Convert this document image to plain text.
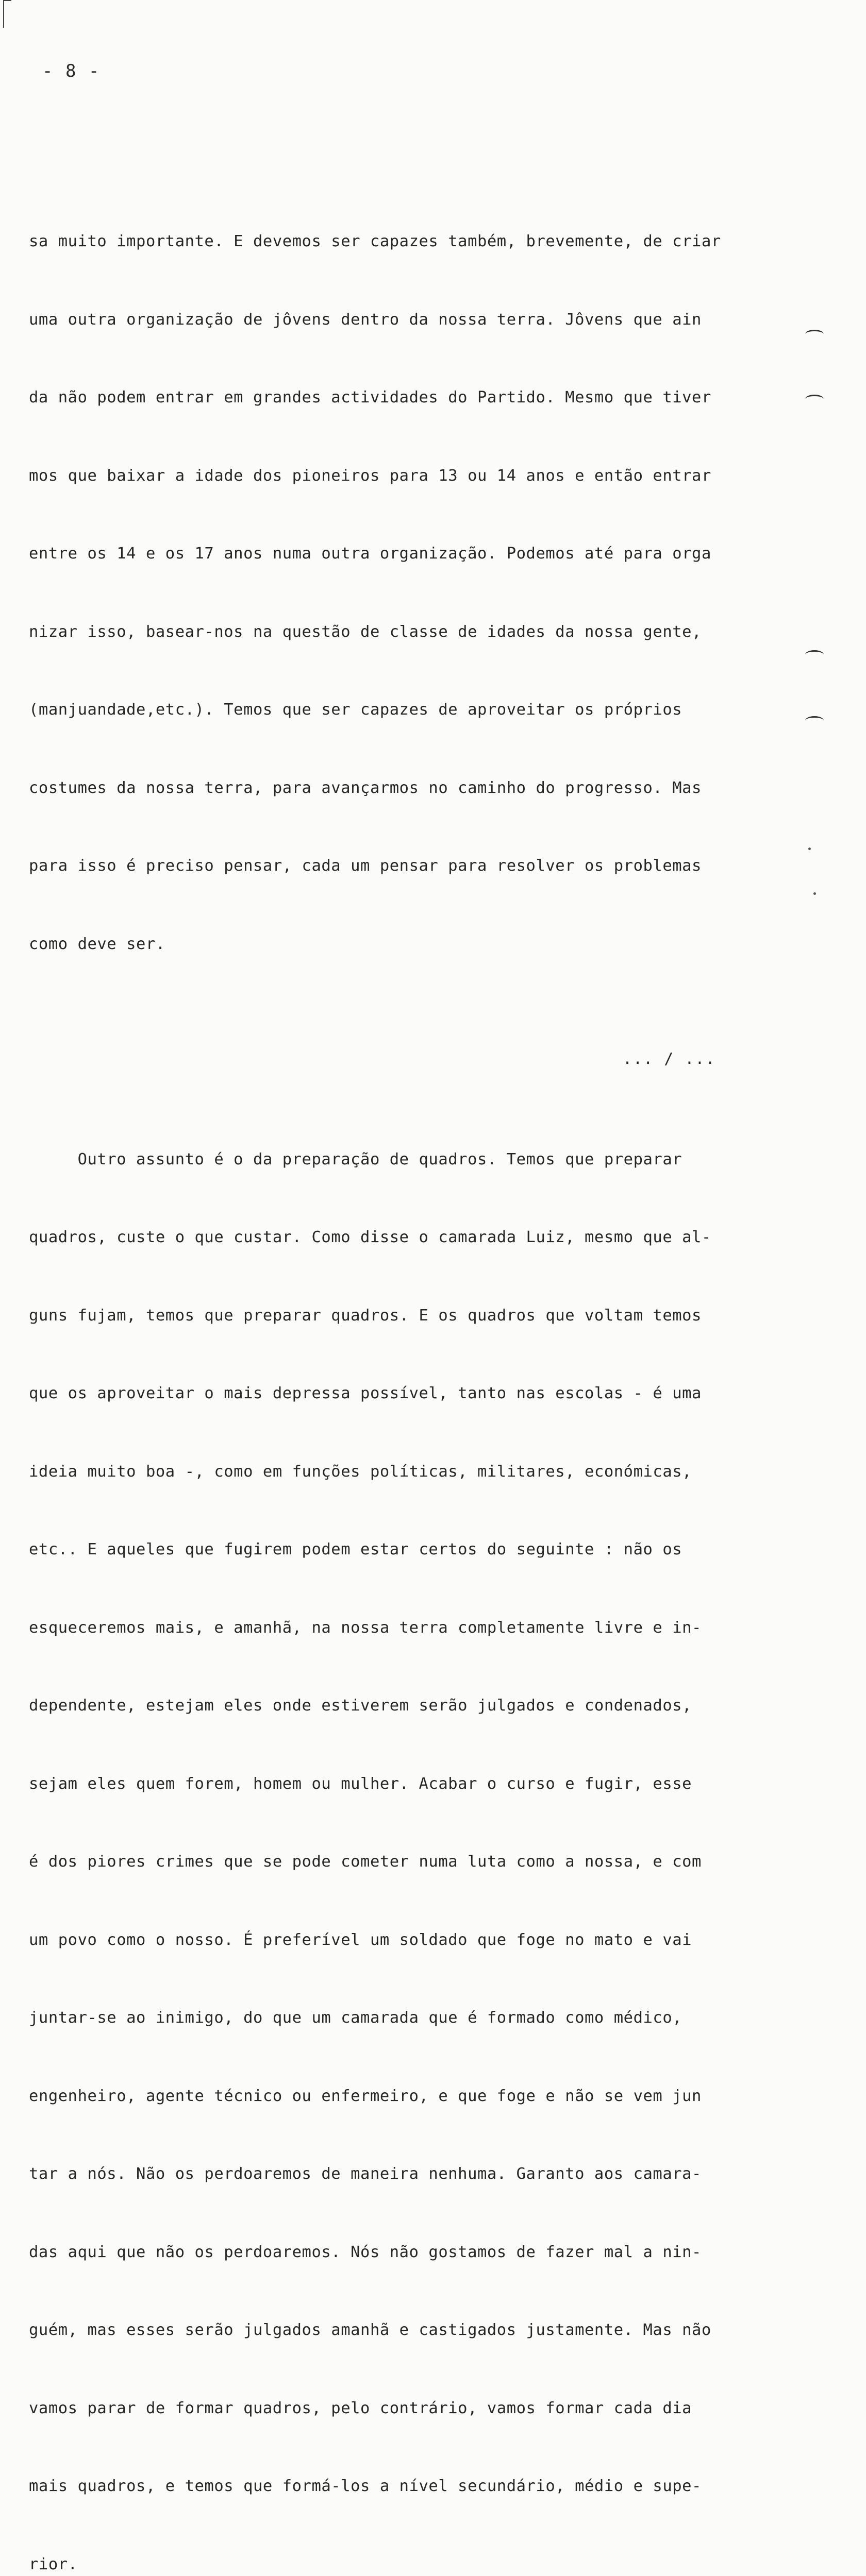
- 8 -

sa muito importante. E devemos ser capazes também, brevemente, de criar

uma outra organização de jôvens dentro da nossa terra. Jôvens que ain

da não podem entrar em grandes actividades do Partido. Mesmo que tiver

mos que baixar a idade dos pioneiros para 13 ou 14 anos e então entrar

entre os 14 e os 17 anos numa outra organização. Podemos até para orga

nizar isso, basear-nos na questão de classe de idades da nossa gente,

(manjuandade,etc.). Temos que ser capazes de aproveitar os próprios

costumes da nossa terra, para avançarmos no caminho do progresso. Mas

para isso é preciso pensar, cada um pensar para resolver os problemas

como deve ser.

Outro assunto é o da preparação de quadros. Temos que preparar

quadros, custe o que custar. Como disse o camarada Luiz, mesmo que al-

guns fujam, temos que preparar quadros. E os quadros que voltam temos

que os aproveitar o mais depressa possível, tanto nas escolas - é uma

ideia muito boa -, como em funções políticas, militares, económicas,

etc.. E aqueles que fugirem podem estar certos do seguinte : não os

esqueceremos mais, e amanhã, na nossa terra completamente livre e in-

dependente, estejam eles onde estiverem serão julgados e condenados,

sejam eles quem forem, homem ou mulher. Acabar o curso e fugir, esse

é dos piores crimes que se pode cometer numa luta como a nossa, e com

um povo como o nosso. É preferível um soldado que foge no mato e vai

juntar-se ao inimigo, do que um camarada que é formado como médico,

engenheiro, agente técnico ou enfermeiro, e que foge e não se vem jun

tar a nós. Não os perdoaremos de maneira nenhuma. Garanto aos camara-

das aqui que não os perdoaremos. Nós não gostamos de fazer mal a nin-

guém, mas esses serão julgados amanhã e castigados justamente. Mas não

vamos parar de formar quadros, pelo contrário, vamos formar cada dia

mais quadros, e temos que formá-los a nível secundário, médio e supe-

rior.

... / ...
